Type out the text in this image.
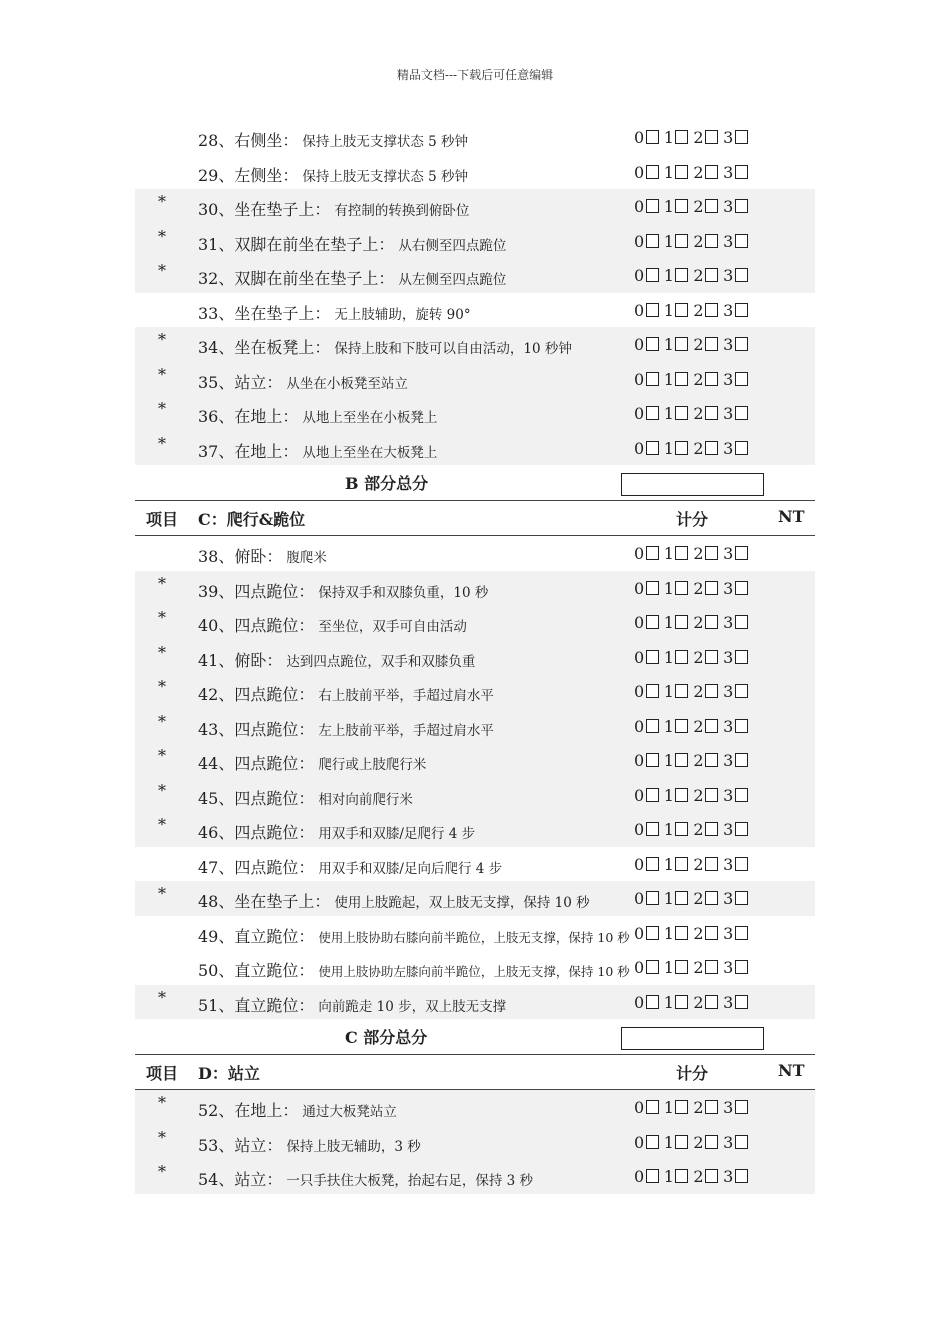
精品文档---下载后可任意编辑
28、右侧坐： 保持上肢无支撑状态 5 秒钟	0 1 2 3
29、左侧坐： 保持上肢无支撑状态 5 秒钟	0 1 2 3
* 30、坐在垫子上： 有控制的转换到俯卧位	0 1 2 3
* 31、双脚在前坐在垫子上： 从右侧至四点跪位	0 1 2 3
* 32、双脚在前坐在垫子上： 从左侧至四点跪位	0 1 2 3
33、坐在垫子上： 无上肢辅助，旋转 90°	0 1 2 3
* 34、坐在板凳上： 保持上肢和下肢可以自由活动，10 秒钟	0 1 2 3
* 35、站立： 从坐在小板凳至站立	0 1 2 3
* 36、在地上： 从地上至坐在小板凳上	0 1 2 3
* 37、在地上： 从地上至坐在大板凳上	0 1 2 3
B 部分总分
项目 C：爬行&跪位	计分	NT
38、俯卧： 腹爬米	0 1 2 3
* 39、四点跪位： 保持双手和双膝负重，10 秒	0 1 2 3
* 40、四点跪位： 至坐位，双手可自由活动	0 1 2 3
* 41、俯卧： 达到四点跪位，双手和双膝负重	0 1 2 3
* 42、四点跪位： 右上肢前平举，手超过肩水平	0 1 2 3
* 43、四点跪位： 左上肢前平举，手超过肩水平	0 1 2 3
* 44、四点跪位： 爬行或上肢爬行米	0 1 2 3
* 45、四点跪位： 相对向前爬行米	0 1 2 3
* 46、四点跪位： 用双手和双膝/足爬行 4 步	0 1 2 3
47、四点跪位： 用双手和双膝/足向后爬行 4 步	0 1 2 3
* 48、坐在垫子上： 使用上肢跪起，双上肢无支撑，保持 10 秒	0 1 2 3
49、直立跪位： 使用上肢协助右膝向前半跪位，上肢无支撑，保持 10 秒 0 1 2 3
50、直立跪位： 使用上肢协助左膝向前半跪位，上肢无支撑，保持 10 秒 0 1 2 3
* 51、直立跪位： 向前跪走 10 步，双上肢无支撑	0 1 2 3
C 部分总分
项目 D：站立	计分	NT
* 52、在地上： 通过大板凳站立	0 1 2 3
* 53、站立： 保持上肢无辅助，3 秒	0 1 2 3
* 54、站立： 一只手扶住大板凳，抬起右足，保持 3 秒	0 1 2 3
